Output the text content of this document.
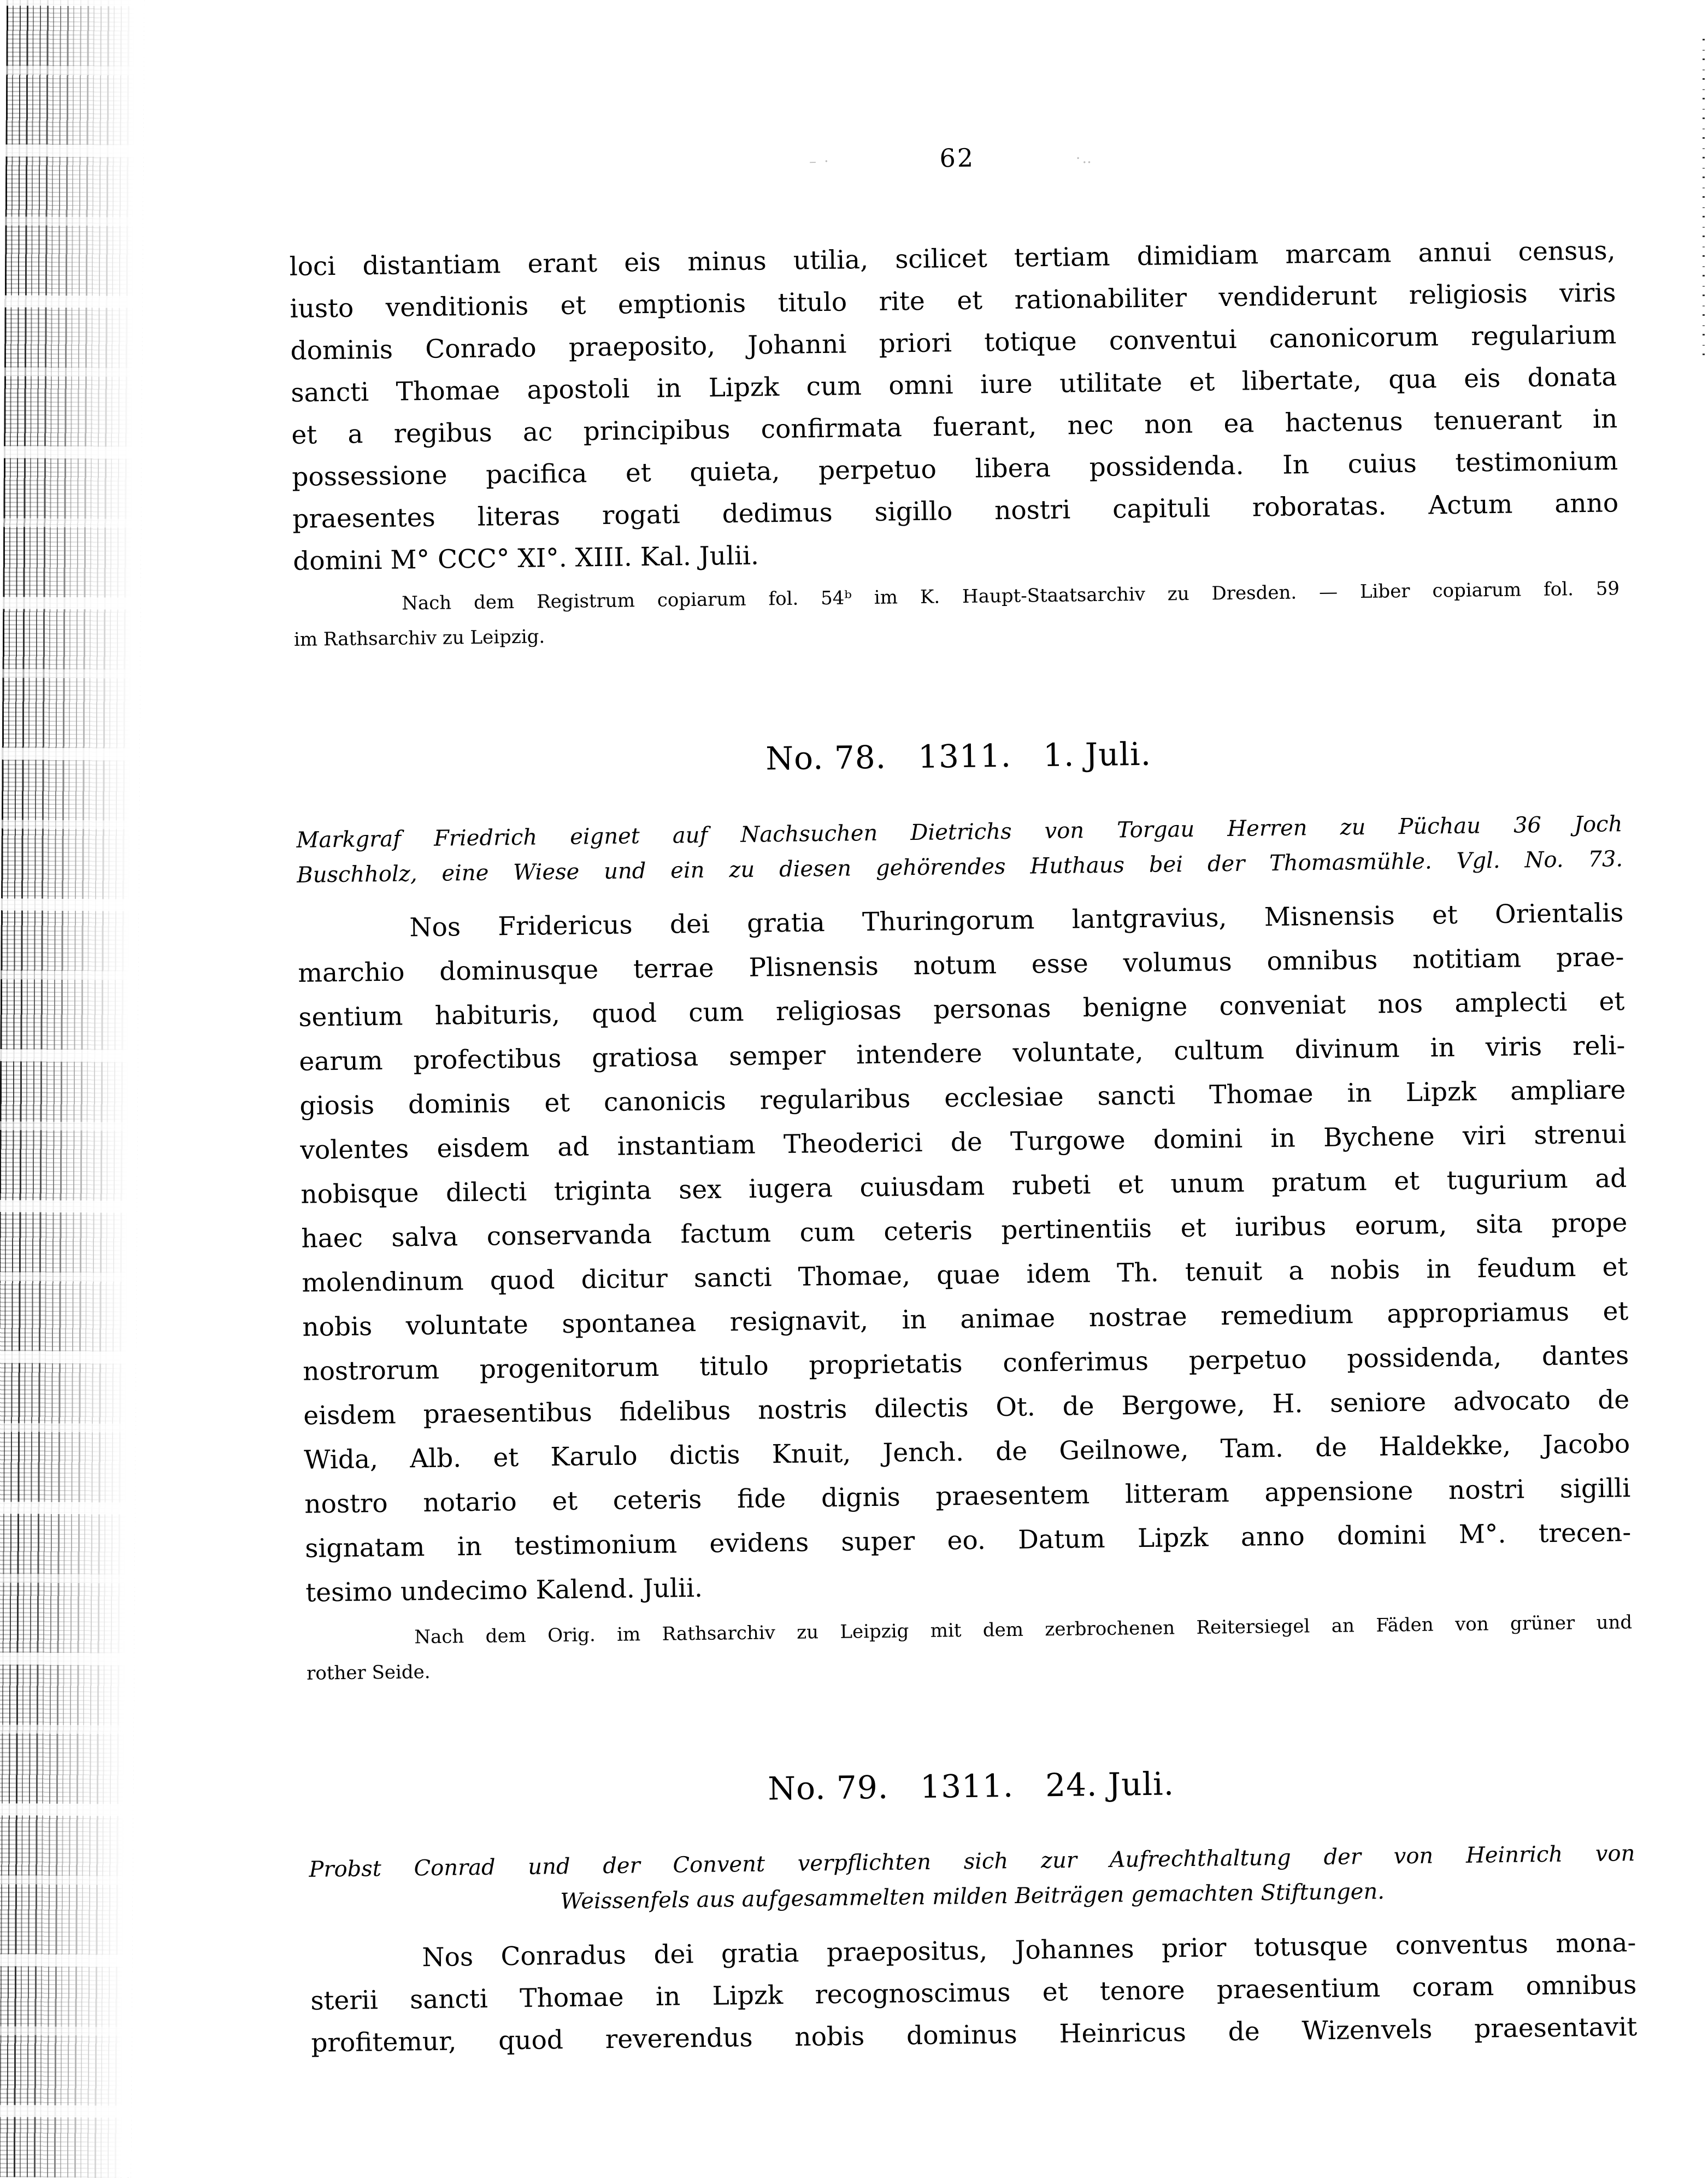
– ·	62	·‥
loci distantiam erant eis minus utilia, scilicet tertiam dimidiam marcam annui census,
iusto venditionis et emptionis titulo rite et rationabiliter vendiderunt religiosis viris
dominis Conrado praeposito, Johanni priori totique conventui canonicorum regularium
sancti Thomae apostoli in Lipzk cum omni iure utilitate et libertate, qua eis donata
et a regibus ac principibus confirmata fuerant, nec non ea hactenus tenuerant in
possessione pacifica et quieta, perpetuo libera possidenda. In cuius testimonium
praesentes literas rogati dedimus sigillo nostri capituli roboratas. Actum anno
domini M° CCC° XI°. XIII. Kal. Julii.
Nach dem Registrum copiarum fol. 54ᵇ im K. Haupt-Staatsarchiv zu Dresden. — Liber copiarum fol. 59
im Rathsarchiv zu Leipzig.
No. 78. 1311. 1. Juli.
Markgraf Friedrich eignet auf Nachsuchen Dietrichs von Torgau Herren zu Püchau 36 Joch
Buschholz, eine Wiese und ein zu diesen gehörendes Huthaus bei der Thomasmühle. Vgl. No. 73.
Nos Fridericus dei gratia Thuringorum lantgravius, Misnensis et Orientalis
marchio dominusque terrae Plisnensis notum esse volumus omnibus notitiam prae-
sentium habituris, quod cum religiosas personas benigne conveniat nos amplecti et
earum profectibus gratiosa semper intendere voluntate, cultum divinum in viris reli-
giosis dominis et canonicis regularibus ecclesiae sancti Thomae in Lipzk ampliare
volentes eisdem ad instantiam Theoderici de Turgowe domini in Bychene viri strenui
nobisque dilecti triginta sex iugera cuiusdam rubeti et unum pratum et tugurium ad
haec salva conservanda factum cum ceteris pertinentiis et iuribus eorum, sita prope
molendinum quod dicitur sancti Thomae, quae idem Th. tenuit a nobis in feudum et
nobis voluntate spontanea resignavit, in animae nostrae remedium appropriamus et
nostrorum progenitorum titulo proprietatis conferimus perpetuo possidenda, dantes
eisdem praesentibus fidelibus nostris dilectis Ot. de Bergowe, H. seniore advocato de
Wida, Alb. et Karulo dictis Knuit, Jench. de Geilnowe, Tam. de Haldekke, Jacobo
nostro notario et ceteris fide dignis praesentem litteram appensione nostri sigilli
signatam in testimonium evidens super eo. Datum Lipzk anno domini M°. trecen-
tesimo undecimo Kalend. Julii.
Nach dem Orig. im Rathsarchiv zu Leipzig mit dem zerbrochenen Reitersiegel an Fäden von grüner und
rother Seide.
No. 79. 1311. 24. Juli.
Probst Conrad und der Convent verpflichten sich zur Aufrechthaltung der von Heinrich von
Weissenfels aus aufgesammelten milden Beiträgen gemachten Stiftungen.
Nos Conradus dei gratia praepositus, Johannes prior totusque conventus mona-
sterii sancti Thomae in Lipzk recognoscimus et tenore praesentium coram omnibus
profitemur, quod reverendus nobis dominus Heinricus de Wizenvels praesentavit
